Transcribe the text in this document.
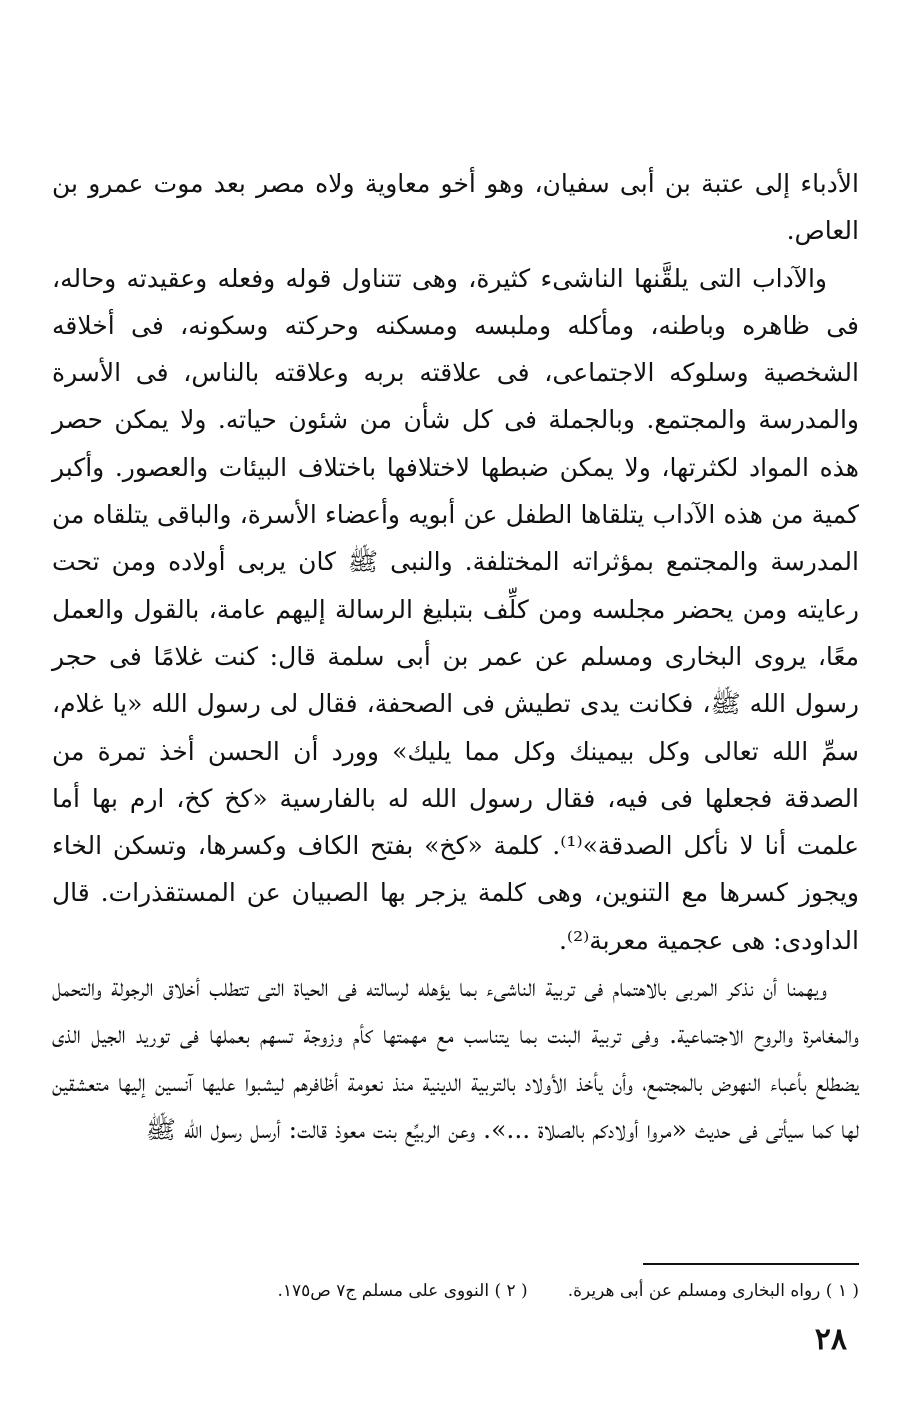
الأدباء إلى عتبة بن أبى سفيان، وهو أخو معاوية ولاه مصر بعد موت عمرو بن العاص.

والآداب التى يلقَّنها الناشىء كثيرة، وهى تتناول قوله وفعله وعقيدته وحاله، فى ظاهره وباطنه، ومأكله وملبسه ومسكنه وحركته وسكونه، فى أخلاقه الشخصية وسلوكه الاجتماعى، فى علاقته بربه وعلاقته بالناس، فى الأسرة والمدرسة والمجتمع. وبالجملة فى كل شأن من شئون حياته. ولا يمكن حصر هذه المواد لكثرتها، ولا يمكن ضبطها لاختلافها باختلاف البيئات والعصور. وأكبر كمية من هذه الآداب يتلقاها الطفل عن أبويه وأعضاء الأسرة، والباقى يتلقاه من المدرسة والمجتمع بمؤثراته المختلفة. والنبى ﷺ كان يربى أولاده ومن تحت رعايته ومن يحضر مجلسه ومن كلِّف بتبليغ الرسالة إليهم عامة، بالقول والعمل معًا، يروى البخارى ومسلم عن عمر بن أبى سلمة قال: كنت غلامًا فى حجر رسول الله ﷺ، فكانت يدى تطيش فى الصحفة، فقال لى رسول الله «يا غلام، سمِّ الله تعالى وكل بيمينك وكل مما يليك» وورد أن الحسن أخذ تمرة من الصدقة فجعلها فى فيه، فقال رسول الله له بالفارسية «كخ كخ، ارم بها أما علمت أنا لا نأكل الصدقة»⁽¹⁾. كلمة «كخ» بفتح الكاف وكسرها، وتسكن الخاء ويجوز كسرها مع التنوين، وهى كلمة يزجر بها الصبيان عن المستقذرات. قال الداودى: هى عجمية معربة⁽²⁾.

ويهمنا أن نذكر المربى بالاهتمام فى تربية الناشىء بما يؤهله لرسالته فى الحياة التى تتطلب أخلاق الرجولة والتحمل والمغامرة والروح الاجتماعية. وفى تربية البنت بما يتناسب مع مهمتها كأم وزوجة تسهم بعملها فى توريد الجيل الذى يضطلع بأعباء النهوض بالمجتمع، وأن يأخذ الأولاد بالتربية الدينية منذ نعومة أظافرهم ليشبوا عليها آنسين إليها متعشقين لها كما سيأتى فى حديث «مروا أولادكم بالصلاة ...». وعن الربيِّع بنت معوذ قالت: أرسل رسول الله ﷺ

( ١ ) رواه البخارى ومسلم عن أبى هريرة.
( ٢ ) النووى على مسلم ج٧ ص١٧٥.
٢٨
